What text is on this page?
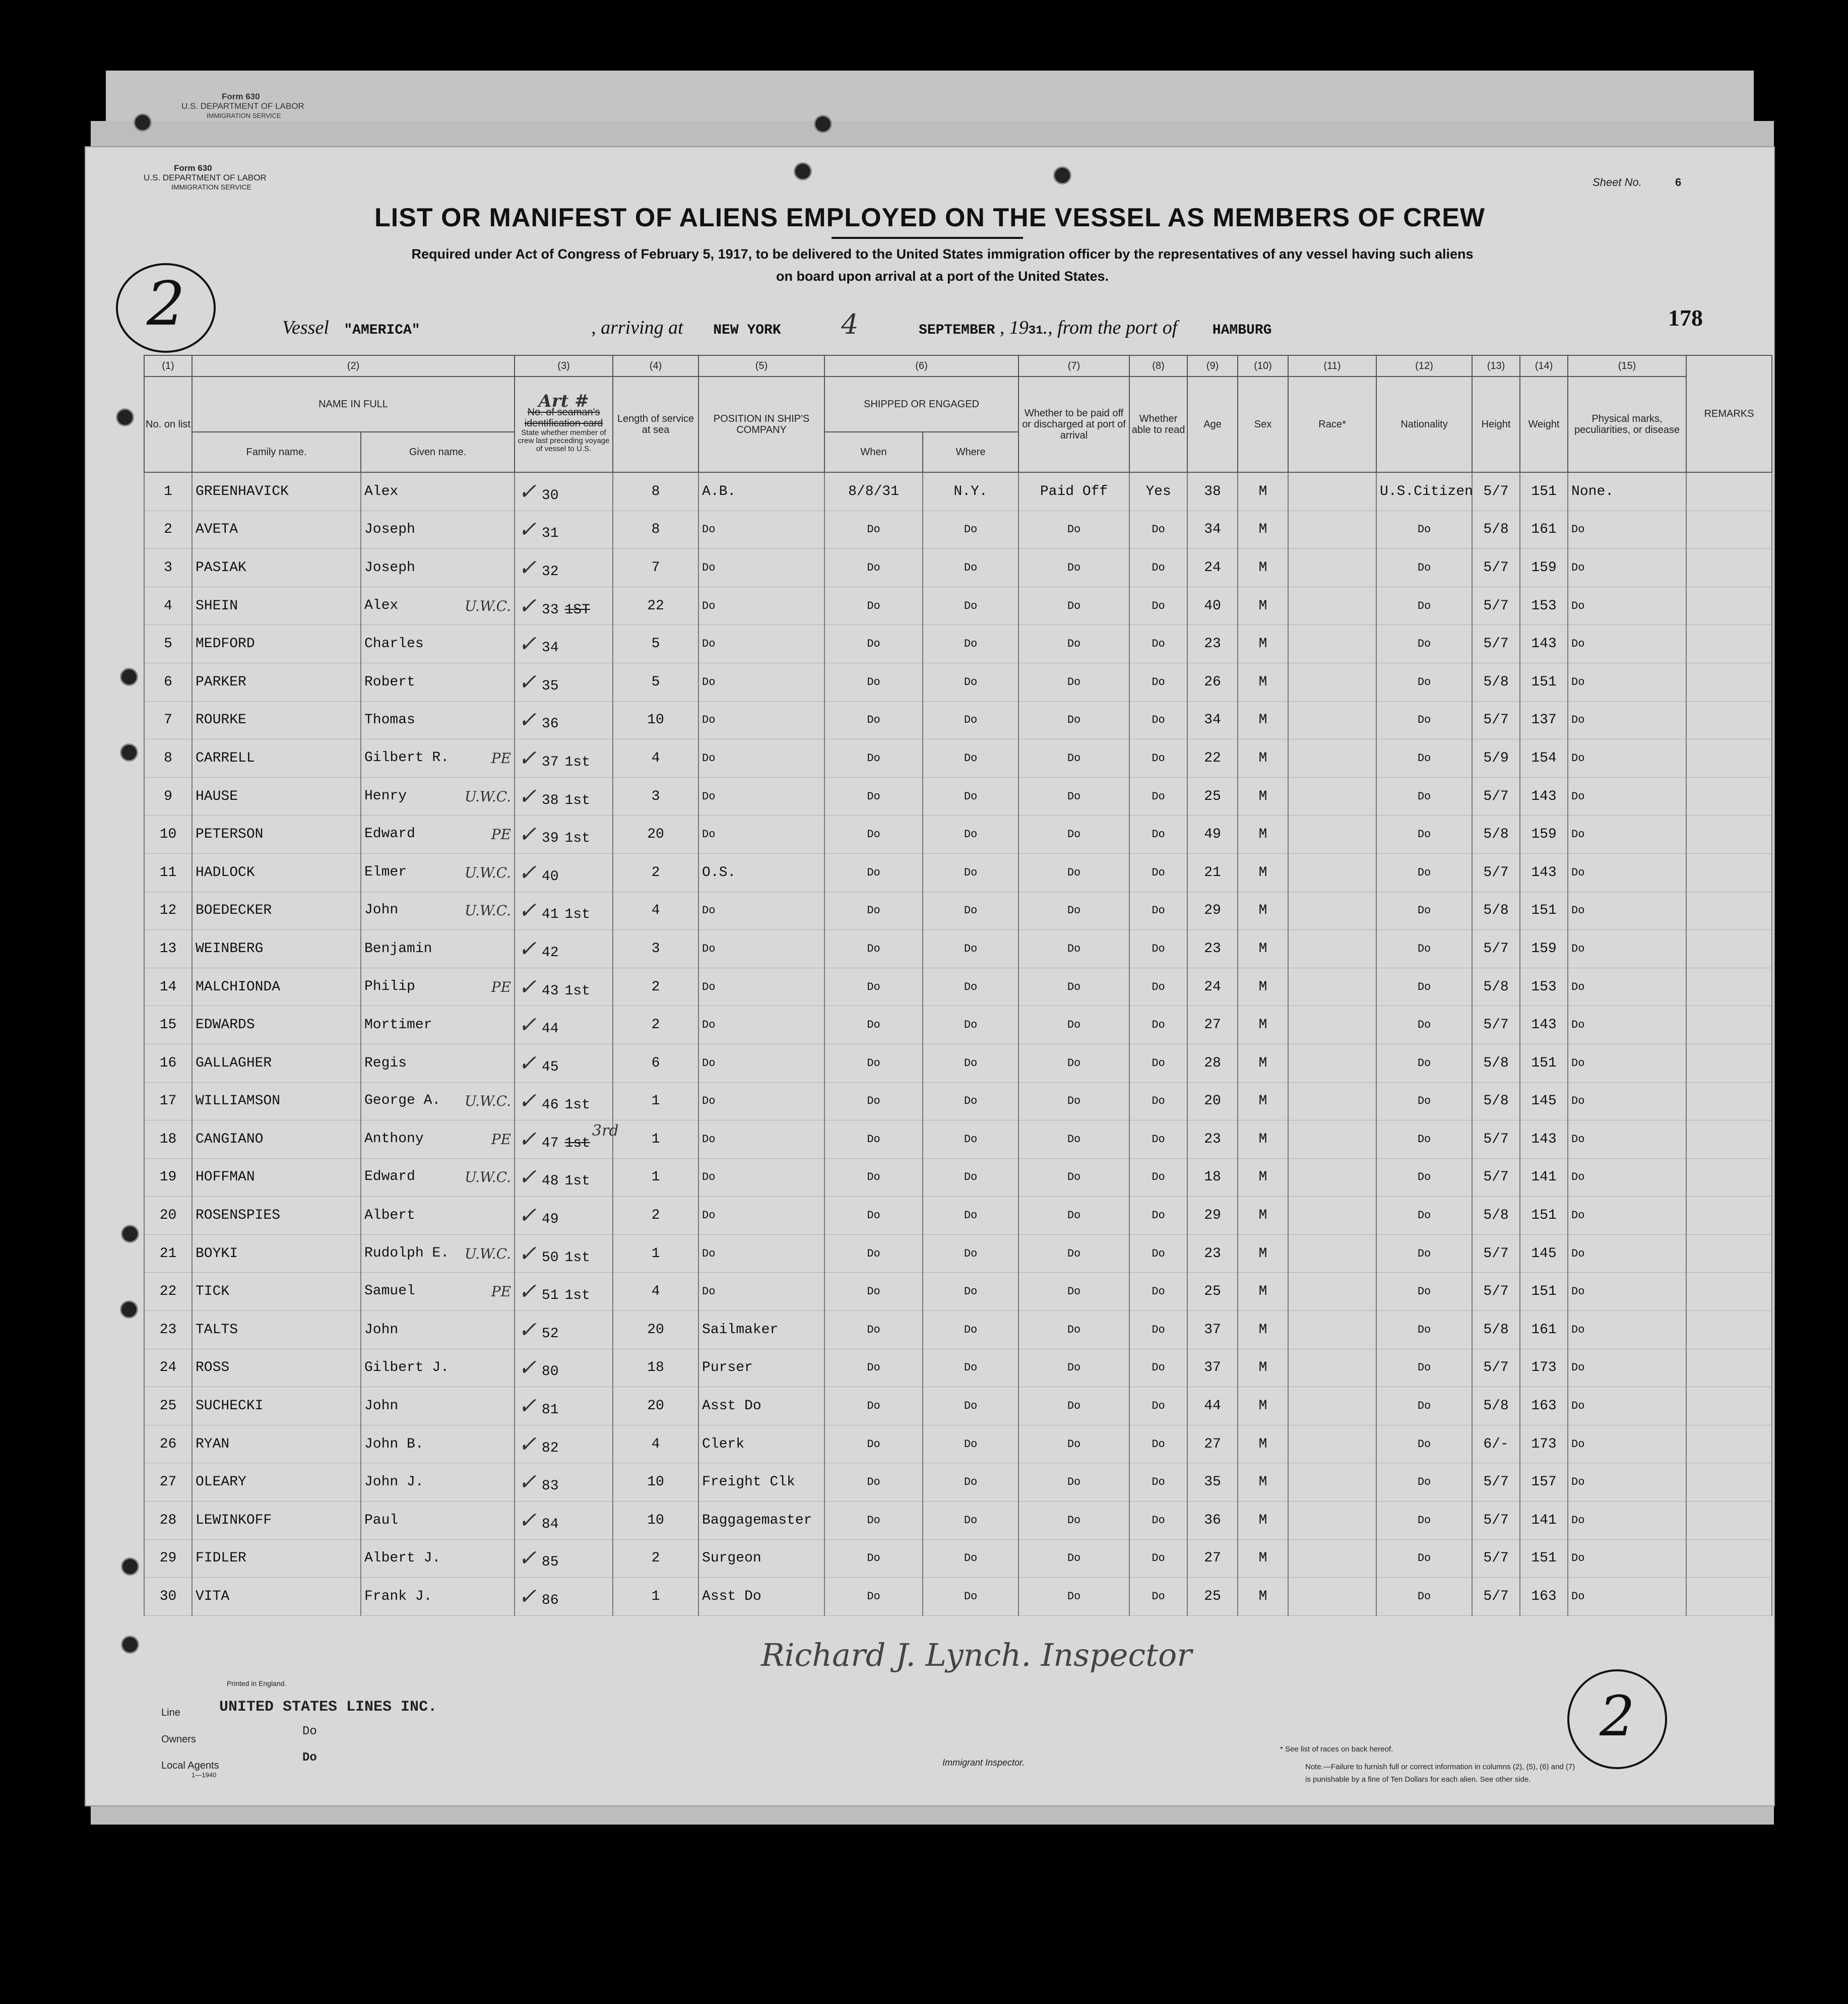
Form 630
U.S. DEPARTMENT OF LABOR
IMMIGRATION SERVICE
Form 630
U.S. DEPARTMENT OF LABOR
IMMIGRATION SERVICE	Sheet No.	6
2
LIST OR MANIFEST OF ALIENS EMPLOYED ON THE VESSEL AS MEMBERS OF CREW
Required under Act of Congress of February 5, 1917, to be delivered to the United States immigration officer by the representatives of any vessel having such aliens
on board upon arrival at a port of the United States.
Vessel "AMERICA"	, arriving at NEW YORK 4	SEPTEMBER , 1931., from the port of HAMBURG	178
(1)	(2)		(3)	(4)	(5)	(6)		(7)	(8)	(9)	(10)	(11)	(12)	(13)	(14)	(15)	REMARKS
No. on list	NAME IN FULL		Art #
No. of seaman's identification card
State whether member of crew last preceding voyage of vessel to U.S.	Length of service at sea	POSITION IN SHIP'S COMPANY	SHIPPED OR ENGAGED		Whether to be paid off or discharged at port of arrival	Whether able to read	Age	Sex	Race*	Nationality	Height	Weight	Physical marks, peculiarities, or disease	
	Family name.	Given name.				When	Where										
1	GREENHAVICK	Alex	✓ 30	8	A.B.	8/8/31	N.Y.	Paid Off	Yes	38	M		U.S.Citizen	5/7	151	None.	
2	AVETA	Joseph	✓ 31	8	Do	Do	Do	Do	Do	34	M		Do	5/8	161	Do	
3	PASIAK	Joseph	✓ 32	7	Do	Do	Do	Do	Do	24	M		Do	5/7	159	Do	
4	SHEIN	Alex U.W.C.	✓ 33 1ST	22	Do	Do	Do	Do	Do	40	M		Do	5/7	153	Do	
5	MEDFORD	Charles	✓ 34	5	Do	Do	Do	Do	Do	23	M		Do	5/7	143	Do	
6	PARKER	Robert	✓ 35	5	Do	Do	Do	Do	Do	26	M		Do	5/8	151	Do	
7	ROURKE	Thomas	✓ 36	10	Do	Do	Do	Do	Do	34	M		Do	5/7	137	Do	
8	CARRELL	Gilbert R. PE	✓ 37 1st	4	Do	Do	Do	Do	Do	22	M		Do	5/9	154	Do	
9	HAUSE	Henry U.W.C.	✓ 38 1st	3	Do	Do	Do	Do	Do	25	M		Do	5/7	143	Do	
10	PETERSON	Edward PE	✓ 39 1st	20	Do	Do	Do	Do	Do	49	M		Do	5/8	159	Do	
11	HADLOCK	Elmer U.W.C.	✓ 40	2	O.S.	Do	Do	Do	Do	21	M		Do	5/7	143	Do	
12	BOEDECKER	John U.W.C.	✓ 41 1st	4	Do	Do	Do	Do	Do	29	M		Do	5/8	151	Do	
13	WEINBERG	Benjamin	✓ 42	3	Do	Do	Do	Do	Do	23	M		Do	5/7	159	Do	
14	MALCHIONDA	Philip PE	✓ 43 1st	2	Do	Do	Do	Do	Do	24	M		Do	5/8	153	Do	
15	EDWARDS	Mortimer	✓ 44	2	Do	Do	Do	Do	Do	27	M		Do	5/7	143	Do	
16	GALLAGHER	Regis	✓ 45	6	Do	Do	Do	Do	Do	28	M		Do	5/8	151	Do	
17	WILLIAMSON	George A. U.W.C.	✓ 46 1st	1	Do	Do	Do	Do	Do	20	M		Do	5/8	145	Do	
18	CANGIANO	Anthony PE	✓ 47 1st3rd	1	Do	Do	Do	Do	Do	23	M		Do	5/7	143	Do	
19	HOFFMAN	Edward U.W.C.	✓ 48 1st	1	Do	Do	Do	Do	Do	18	M		Do	5/7	141	Do	
20	ROSENSPIES	Albert	✓ 49	2	Do	Do	Do	Do	Do	29	M		Do	5/8	151	Do	
21	BOYKI	Rudolph E. U.W.C.	✓ 50 1st	1	Do	Do	Do	Do	Do	23	M		Do	5/7	145	Do	
22	TICK	Samuel PE	✓ 51 1st	4	Do	Do	Do	Do	Do	25	M		Do	5/7	151	Do	
23	TALTS	John	✓ 52	20	Sailmaker	Do	Do	Do	Do	37	M		Do	5/8	161	Do	
24	ROSS	Gilbert J.	✓ 80	18	Purser	Do	Do	Do	Do	37	M		Do	5/7	173	Do	
25	SUCHECKI	John	✓ 81	20	Asst Do	Do	Do	Do	Do	44	M		Do	5/8	163	Do	
26	RYAN	John B.	✓ 82	4	Clerk	Do	Do	Do	Do	27	M		Do	6/-	173	Do	
27	OLEARY	John J.	✓ 83	10	Freight Clk	Do	Do	Do	Do	35	M		Do	5/7	157	Do	
28	LEWINKOFF	Paul	✓ 84	10	Baggagemaster	Do	Do	Do	Do	36	M		Do	5/7	141	Do	
29	FIDLER	Albert J.	✓ 85	2	Surgeon	Do	Do	Do	Do	27	M		Do	5/7	151	Do	
30	VITA	Frank J.	✓ 86	1	Asst Do	Do	Do	Do	Do	25	M		Do	5/7	163	Do	
Richard J. Lynch. Inspector
Printed in England.
Line	UNITED STATES LINES INC.
Owners
Do
Local Agents
Do
1—1940
Immigrant Inspector.
* See list of races on back hereof.
Note.—Failure to furnish full or correct information in columns (2), (5), (6) and (7)
is punishable by a fine of Ten Dollars for each alien. See other side.
2
